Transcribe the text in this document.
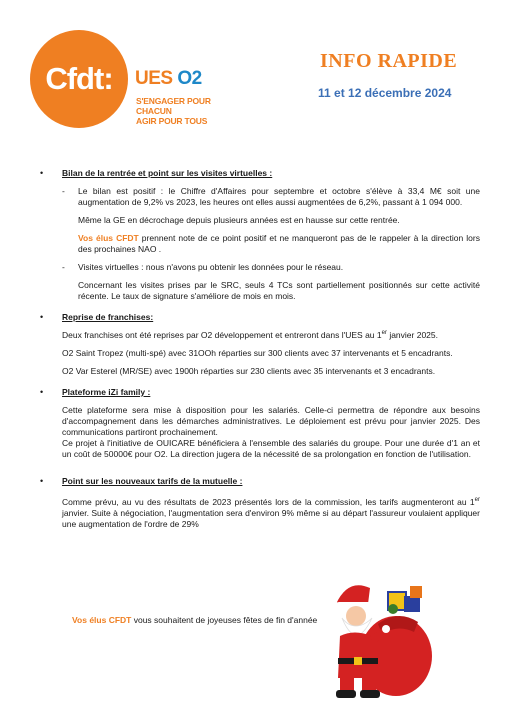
Cfdt:	UES O2
S'ENGAGER POUR CHACUN
AGIR POUR TOUS
INFO RAPIDE
11 et 12 décembre 2024
• Bilan de la rentrée et point sur les visites virtuelles :
- Le bilan est positif : le Chiffre d'Affaires pour septembre et octobre s'élève à 33,4 M€ soit une augmentation de 9,2% vs 2023, les heures ont elles aussi augmentées de 6,2%, passant à 1 094 000.
Même la GE en décrochage depuis plusieurs années est en hausse sur cette rentrée.
Vos élus CFDT prennent note de ce point positif et ne manqueront pas de le rappeler à la direction lors des prochaines NAO .
- Visites virtuelles : nous n'avons pu obtenir les données pour le réseau.
Concernant les visites prises par le SRC, seuls 4 TCs sont partiellement positionnés sur cette activité récente. Le taux de signature s'améliore de mois en mois.
• Reprise de franchises:
Deux franchises ont été reprises par O2 développement et entreront dans l'UES au 1er janvier 2025.
O2 Saint Tropez (multi-spé) avec 31OOh réparties sur 300 clients avec 37 intervenants et 5 encadrants.
O2 Var Esterel (MR/SE) avec 1900h réparties sur 230 clients avec 35 intervenants et 3 encadrants.
• Plateforme iZi family :
Cette plateforme sera mise à disposition pour les salariés. Celle-ci permettra de répondre aux besoins d'accompagnement dans les démarches administratives. Le déploiement est prévu pour janvier 2025. Des communications partiront prochainement.
Ce projet à l'initiative de OUICARE bénéficiera à l'ensemble des salariés du groupe. Pour une durée d'1 an et un coût de 50000€ pour O2. La direction jugera de la nécessité de sa prolongation en fonction de l'utilisation.
• Point sur les nouveaux tarifs de la mutuelle :
Comme prévu, au vu des résultats de 2023 présentés lors de la commission, les tarifs augmenteront au 1er janvier. Suite à négociation, l'augmentation sera d'environ 9% même si au départ l'assureur voulaient appliquer une augmentation de l'ordre de 29%
Vos élus CFDT vous souhaitent de joyeuses fêtes de fin d'année
